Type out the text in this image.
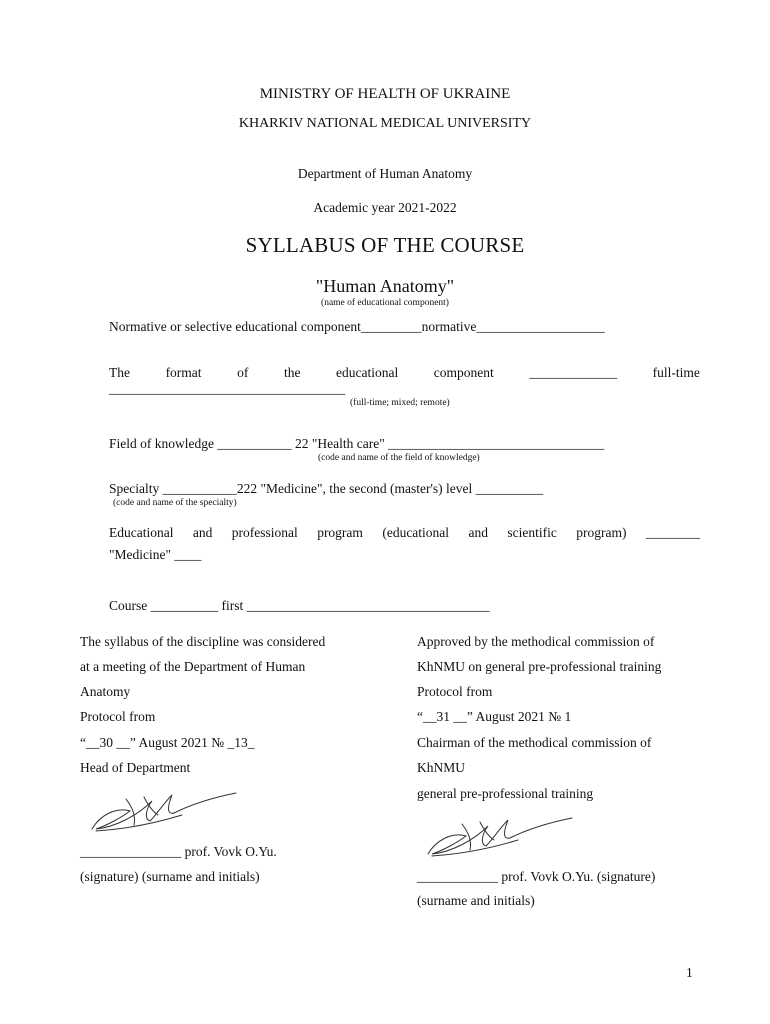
MINISTRY OF HEALTH OF UKRAINE
KHARKIV NATIONAL MEDICAL UNIVERSITY
Department of Human Anatomy
Academic year 2021-2022
SYLLABUS OF THE COURSE
"Human Anatomy"
(name of educational component)
Normative or selective educational component_________normative___________________
The	format	of	the	educational	component	_____________	full-time
___________________________________
(full-time; mixed; remote)
Field of knowledge ___________ 22 "Health care" ________________________________
(code and name of the field of knowledge)
Specialty ___________222 "Medicine", the second (master's) level __________
(code and name of the specialty)
Educational and professional program (educational and scientific program) ________
"Medicine" ____
Course __________ first ____________________________________
The syllabus of the discipline was considered
at a meeting of the Department of Human
Anatomy
Protocol from
“__30 __” August 2021 № _13_
Head of Department
_______________ prof. Vovk O.Yu.
(signature) (surname and initials)
Approved by the methodical commission of
KhNMU on general pre-professional training
Protocol from
“__31 __” August 2021 № 1
Chairman of the methodical commission of
KhNMU
general pre-professional training
____________ prof. Vovk O.Yu. (signature)
(surname and initials)
1
